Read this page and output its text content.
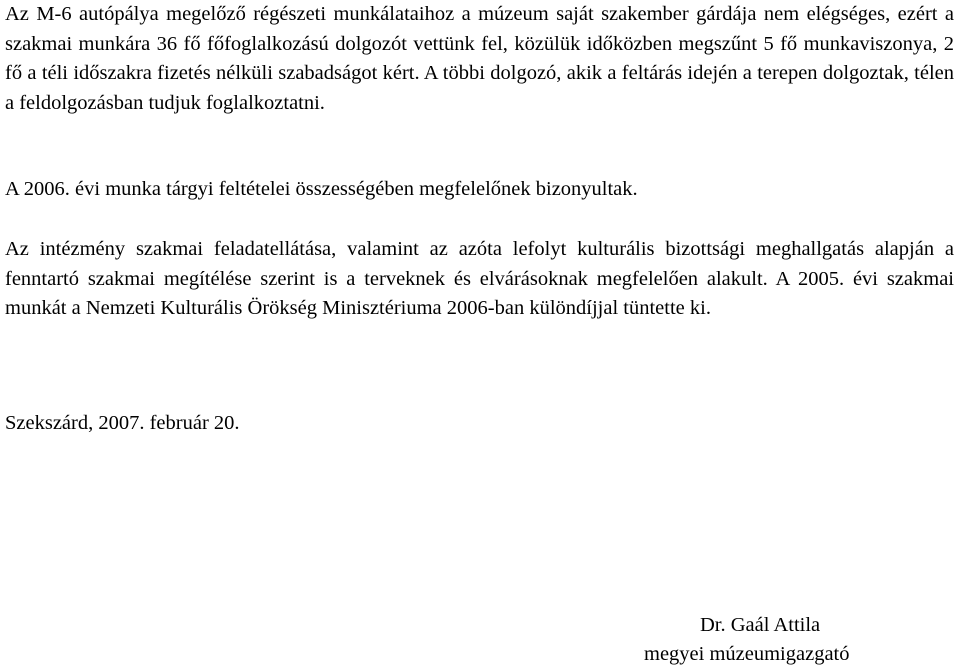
Az M-6 autópálya megelőző régészeti munkálataihoz a múzeum saját szakember gárdája nem elégséges, ezért a szakmai munkára 36 fő főfoglalkozású dolgozót vettünk fel, közülük időközben megszűnt 5 fő munkaviszonya, 2 fő a téli időszakra fizetés nélküli szabadságot kért. A többi dolgozó, akik a feltárás idején a terepen dolgoztak, télen a feldolgozásban tudjuk foglalkoztatni.

A 2006. évi munka tárgyi feltételei összességében megfelelőnek bizonyultak.

Az intézmény szakmai feladatellátása, valamint az azóta lefolyt kulturális bizottsági meghallgatás alapján a fenntartó szakmai megítélése szerint is a terveknek és elvárásoknak megfelelően alakult. A 2005. évi szakmai munkát a Nemzeti Kulturális Örökség Minisztériuma 2006-ban különdíjjal tüntette ki.

Szekszárd, 2007. február 20.
Dr. Gaál Attila
megyei múzeumigazgató
